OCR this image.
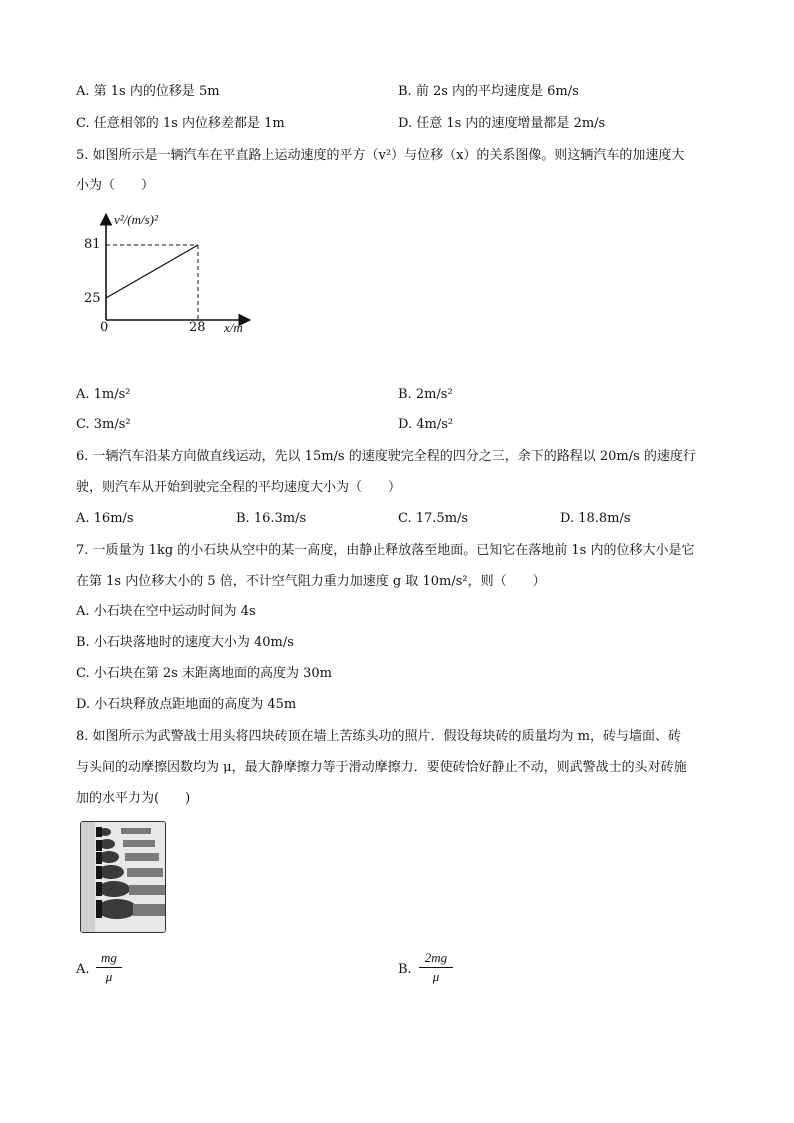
A. 第 1s 内的位移是 5m	B. 前 2s 内的平均速度是 6m/s
C. 任意相邻的 1s 内位移差都是 1m	D. 任意 1s 内的速度增量都是 2m/s
5. 如图所示是一辆汽车在平直路上运动速度的平方（v²）与位移（x）的关系图像。则这辆汽车的加速度大
小为（　　）
v²/(m/s)²
81
25
0	28 x/m
A. 1m/s²	B. 2m/s²
C. 3m/s²	D. 4m/s²
6. 一辆汽车沿某方向做直线运动，先以 15m/s 的速度驶完全程的四分之三，余下的路程以 20m/s 的速度行
驶，则汽车从开始到驶完全程的平均速度大小为（　　）
A. 16m/s	B. 16.3m/s	C. 17.5m/s	D. 18.8m/s
7. 一质量为 1kg 的小石块从空中的某一高度，由静止释放落至地面。已知它在落地前 1s 内的位移大小是它
在第 1s 内位移大小的 5 倍，不计空气阻力重力加速度 g 取 10m/s²，则（　　）
A. 小石块在空中运动时间为 4s
B. 小石块落地时的速度大小为 40m/s
C. 小石块在第 2s 末距离地面的高度为 30m
D. 小石块释放点距地面的高度为 45m
8. 如图所示为武警战士用头将四块砖顶在墙上苦练头功的照片．假设每块砖的质量均为 m，砖与墙面、砖
与头间的动摩擦因数均为 μ，最大静摩擦力等于滑动摩擦力．要使砖恰好静止不动，则武警战士的头对砖施
加的水平力为(　　)
A.
mg
μ	B.
2mg
μ
